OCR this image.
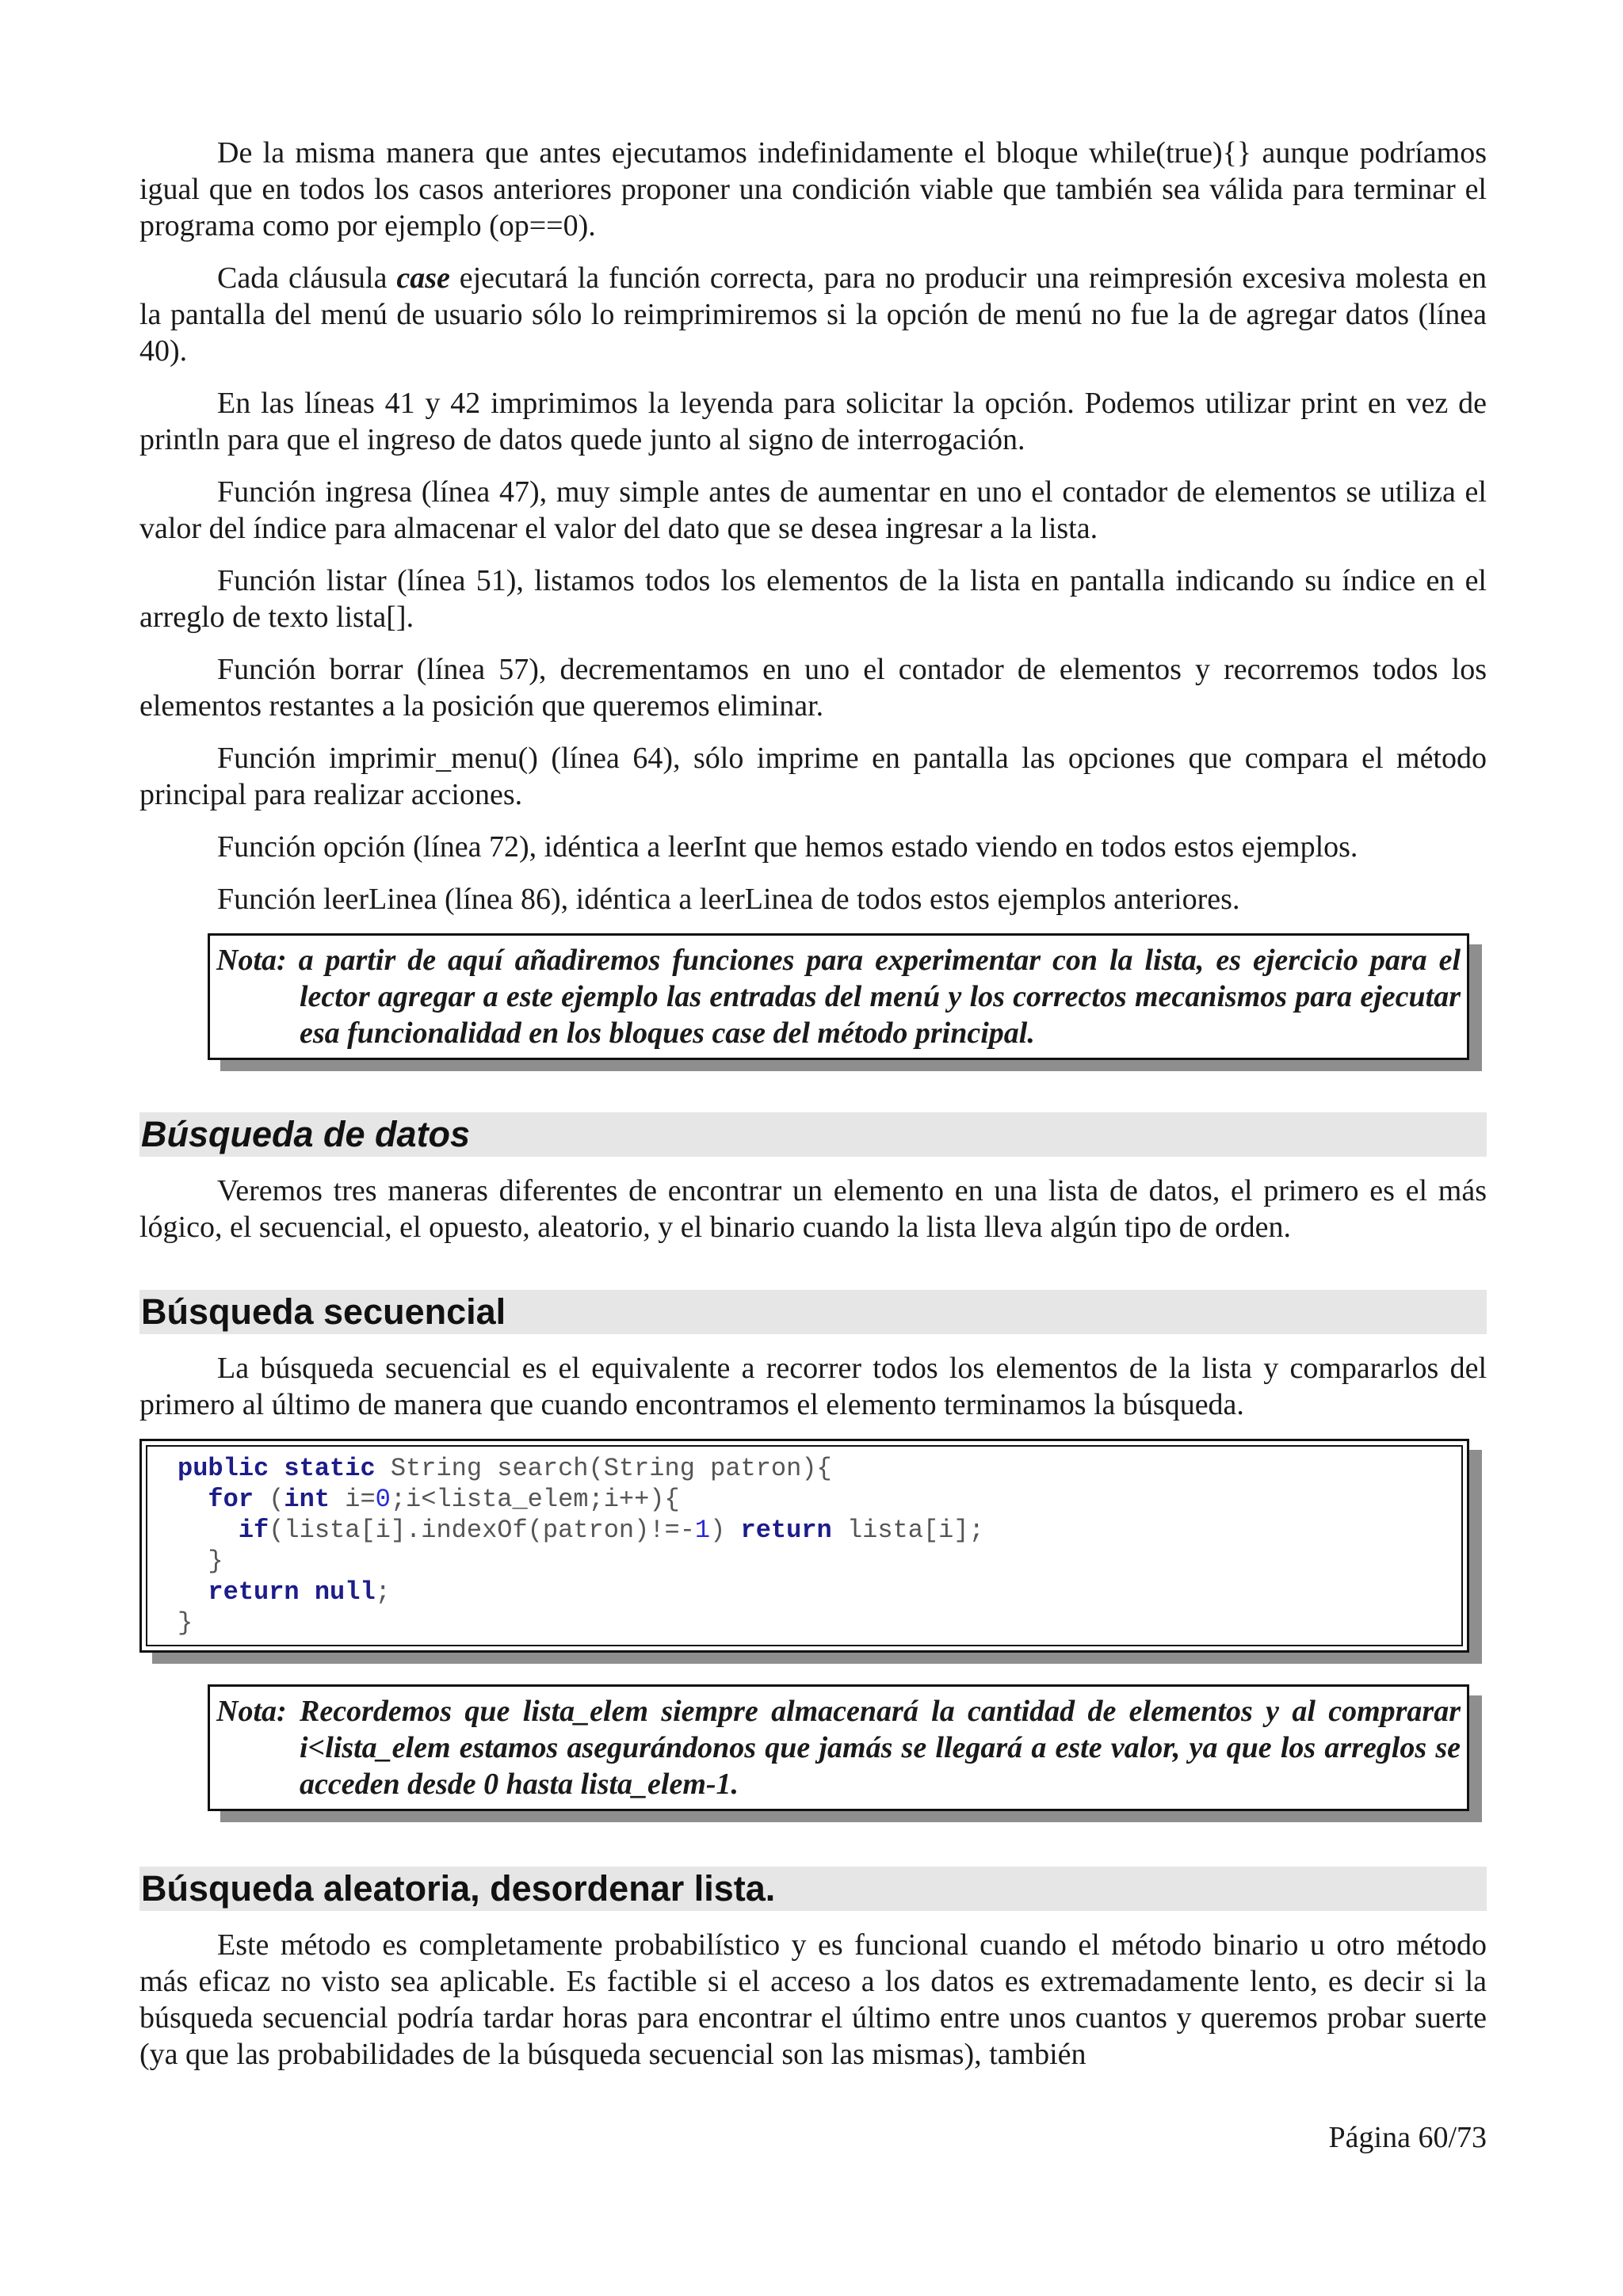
De la misma manera que antes ejecutamos indefinidamente el bloque while(true){} aunque podríamos igual que en todos los casos anteriores proponer una condición viable que también sea válida para terminar el programa como por ejemplo (op==0).

Cada cláusula case ejecutará la función correcta, para no producir una reimpresión excesiva molesta en la pantalla del menú de usuario sólo lo reimprimiremos si la opción de menú no fue la de agregar datos (línea 40).

En las líneas 41 y 42 imprimimos la leyenda para solicitar la opción. Podemos utilizar print en vez de println para que el ingreso de datos quede junto al signo de interrogación.

Función ingresa (línea 47), muy simple antes de aumentar en uno el contador de elementos se utiliza el valor del índice para almacenar el valor del dato que se desea ingresar a la lista.

Función listar (línea 51), listamos todos los elementos de la lista en pantalla indicando su índice en el arreglo de texto lista[].

Función borrar (línea 57), decrementamos en uno el contador de elementos y recorremos todos los elementos restantes a la posición que queremos eliminar.

Función imprimir_menu() (línea 64), sólo imprime en pantalla las opciones que compara el método principal para realizar acciones.

Función opción (línea 72), idéntica a leerInt que hemos estado viendo en todos estos ejemplos.

Función leerLinea (línea 86), idéntica a leerLinea de todos estos ejemplos anteriores.

Nota: a partir de aquí añadiremos funciones para experimentar con la lista, es ejercicio para el lector agregar a este ejemplo las entradas del menú y los correctos mecanismos para ejecutar esa funcionalidad en los bloques case del método principal.
Búsqueda de datos

Veremos tres maneras diferentes de encontrar un elemento en una lista de datos, el primero es el más lógico, el secuencial, el opuesto, aleatorio, y el binario cuando la lista lleva algún tipo de orden.

Búsqueda secuencial

La búsqueda secuencial es el equivalente a recorrer todos los elementos de la lista y compararlos del primero al último de manera que cuando encontramos el elemento terminamos la búsqueda.

public static String search(String patron){
for (int i=0;i<lista_elem;i++){
if(lista[i].indexOf(patron)!=-1) return lista[i];
}
return null;
}
Nota: Recordemos que lista_elem siempre almacenará la cantidad de elementos y al comprarar i<lista_elem estamos asegurándonos que jamás se llegará a este valor, ya que los arreglos se acceden desde 0 hasta lista_elem-1.
Búsqueda aleatoria, desordenar lista.

Este método es completamente probabilístico y es funcional cuando el método binario u otro método más eficaz no visto sea aplicable. Es factible si el acceso a los datos es extremadamente lento, es decir si la búsqueda secuencial podría tardar horas para encontrar el último entre unos cuantos y queremos probar suerte (ya que las probabilidades de la búsqueda secuencial son las mismas), también

Página 60/73
